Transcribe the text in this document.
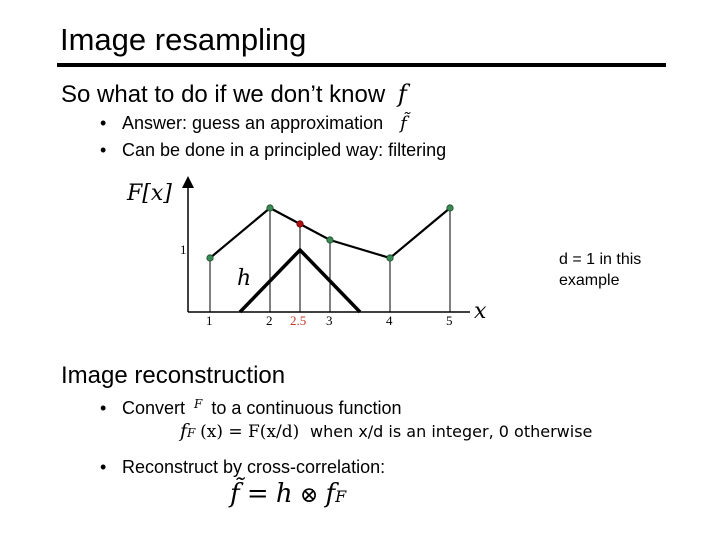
Image resampling
So what to do if we don’t know f
• Answer: guess an approximation f̃
• Can be done in a principled way: filtering
F[x]
1
h
1	2 2.5 3	4	5 x
d = 1 in this example
Image reconstruction
• Convert $^F$ to a continuous function
fF (x) = F(x/d) when x/d is an integer, 0 otherwise
• Reconstruct by cross-correlation:
f̃ = h ⊗ fF
